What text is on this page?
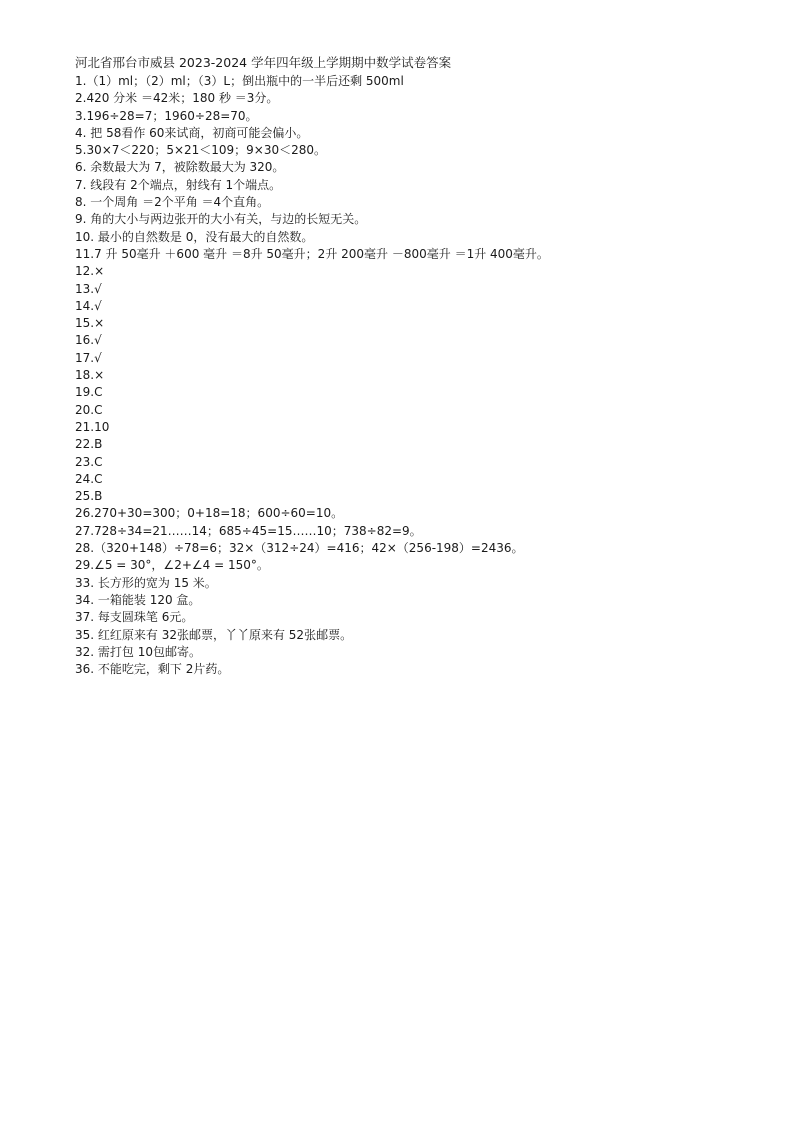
河北省邢台市威县 2023-2024 学年四年级上学期期中数学试卷答案
1.（1）ml；（2）ml；（3）L；倒出瓶中的一半后还剩 500ml
2.420 分米 ＝42米；180 秒 ＝3分。
3.196÷28=7；1960÷28=70。
4. 把 58看作 60来试商，初商可能会偏小。
5.30×7＜220；5×21＜109；9×30＜280。
6. 余数最大为 7，被除数最大为 320。
7. 线段有 2个端点，射线有 1个端点。
8. 一个周角 ＝2个平角 ＝4个直角。
9. 角的大小与两边张开的大小有关，与边的长短无关。
10. 最小的自然数是 0，没有最大的自然数。
11.7 升 50毫升 ＋600 毫升 ＝8升 50毫升；2升 200毫升 －800毫升 ＝1升 400毫升。
12.×
13.√
14.√
15.×
16.√
17.√
18.×
19.C
20.C
21.10
22.B
23.C
24.C
25.B
26.270+30=300；0+18=18；600÷60=10。
27.728÷34=21……14；685÷45=15……10；738÷82=9。
28.（320+148）÷78=6；32×（312÷24）=416；42×（256-198）=2436。
29.∠5 = 30°，∠2+∠4 = 150°。
33. 长方形的宽为 15 米。
34. 一箱能装 120 盒。
37. 每支圆珠笔 6元。
35. 红红原来有 32张邮票，丫丫原来有 52张邮票。
32. 需打包 10包邮寄。
36. 不能吃完，剩下 2片药。
